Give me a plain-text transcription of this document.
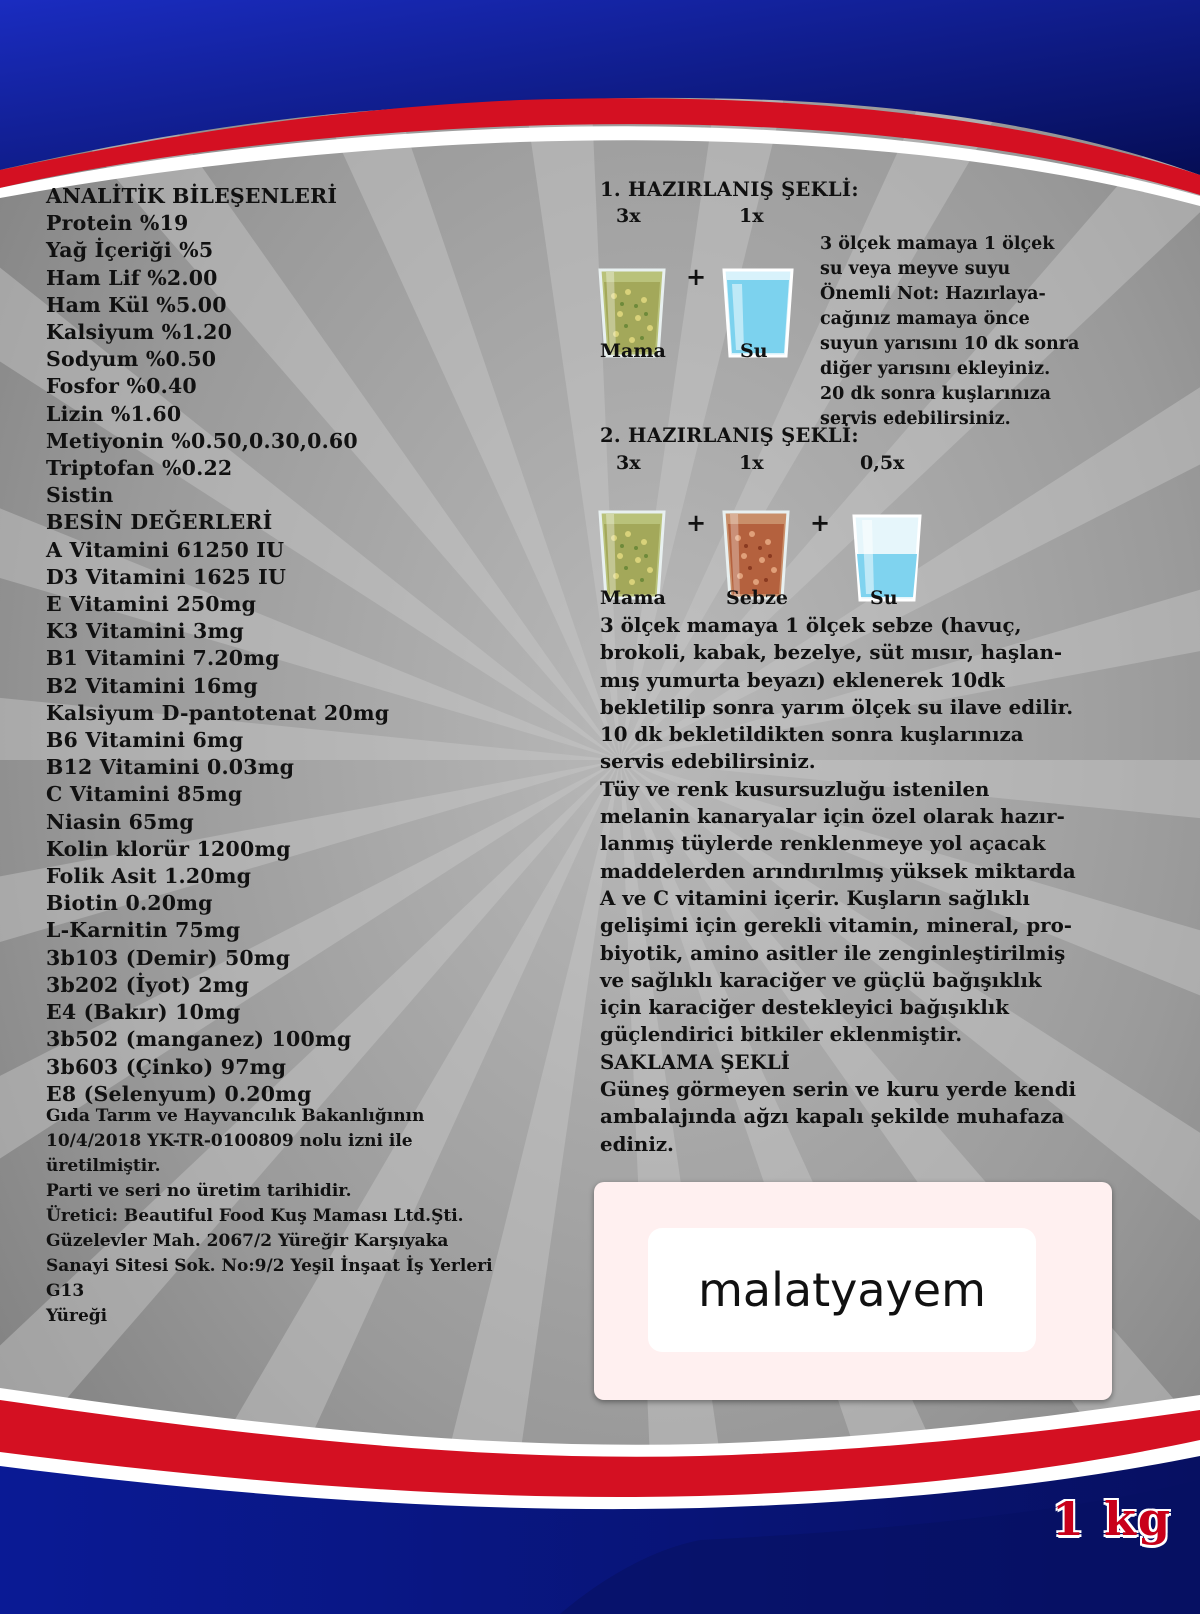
ANALİTİK BİLEŞENLERİ
Protein %19
Yağ İçeriği %5
Ham Lif %2.00
Ham Kül %5.00
Kalsiyum %1.20
Sodyum %0.50
Fosfor %0.40
Lizin %1.60
Metiyonin %0.50,0.30,0.60
Triptofan %0.22
Sistin
BESİN DEĞERLERİ
A Vitamini 61250 IU
D3 Vitamini 1625 IU
E Vitamini 250mg
K3 Vitamini 3mg
B1 Vitamini 7.20mg
B2 Vitamini 16mg
Kalsiyum D-pantotenat 20mg
B6 Vitamini 6mg
B12 Vitamini 0.03mg
C Vitamini 85mg
Niasin 65mg
Kolin klorür 1200mg
Folik Asit 1.20mg
Biotin 0.20mg
L-Karnitin 75mg
3b103 (Demir) 50mg
3b202 (İyot) 2mg
E4 (Bakır) 10mg
3b502 (manganez) 100mg
3b603 (Çinko) 97mg
E8 (Selenyum) 0.20mg
Gıda Tarım ve Hayvancılık Bakanlığının
10/4/2018 YK-TR-0100809 nolu izni ile
üretilmiştir.
Parti ve seri no üretim tarihidir.
Üretici: Beautiful Food Kuş Maması Ltd.Şti.
Güzelevler Mah. 2067/2 Yüreğir Karşıyaka
Sanayi Sitesi Sok. No:9/2 Yeşil İnşaat İş Yerleri
G13
Yüreği
1. HAZIRLANIŞ ŞEKLİ:
3x	1x
+
Mama	Su
3 ölçek mamaya 1 ölçek
su veya meyve suyu
Önemli Not: Hazırlaya-
cağınız mamaya önce
suyun yarısını 10 dk sonra
diğer yarısını ekleyiniz.
20 dk sonra kuşlarınıza
servis edebilirsiniz.
2. HAZIRLANIŞ ŞEKLİ:
3x	1x	0,5x
+	+
Mama	Sebze	Su
3 ölçek mamaya 1 ölçek sebze (havuç,
brokoli, kabak, bezelye, süt mısır, haşlan-
mış yumurta beyazı) eklenerek 10dk
bekletilip sonra yarım ölçek su ilave edilir.
10 dk bekletildikten sonra kuşlarınıza
servis edebilirsiniz.
Tüy ve renk kusursuzluğu istenilen
melanin kanaryalar için özel olarak hazır-
lanmış tüylerde renklenmeye yol açacak
maddelerden arındırılmış yüksek miktarda
A ve C vitamini içerir. Kuşların sağlıklı
gelişimi için gerekli vitamin, mineral, pro-
biyotik, amino asitler ile zenginleştirilmiş
ve sağlıklı karaciğer ve güçlü bağışıklık
için karaciğer destekleyici bağışıklık
güçlendirici bitkiler eklenmiştir.
SAKLAMA ŞEKLİ
Güneş görmeyen serin ve kuru yerde kendi
ambalajında ağzı kapalı şekilde muhafaza
ediniz.
malatyayem
1 kg
